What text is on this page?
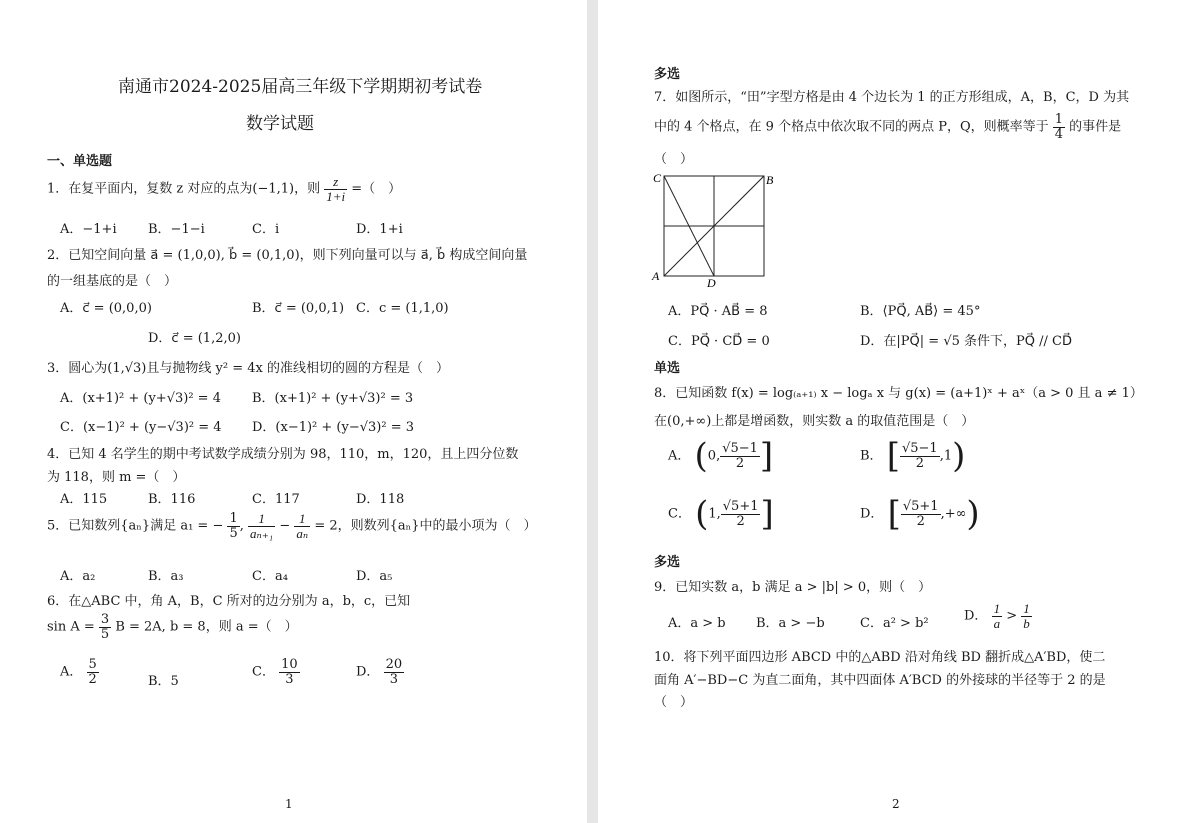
南通市2024-2025届高三年级下学期期初考试卷
数学试题
一、单选题
1．在复平面内，复数 z 对应的点为(−1,1)，则 $\frac{z}{1+i}$ =（　）
A．−1+i B．−1−i	C．i	D．1+i
2．已知空间向量 a⃗ = (1,0,0), b⃗ = (0,1,0)，则下列向量可以与 a⃗, b⃗ 构成空间向量
的一组基底的是（　）
A．c⃗ = (0,0,0)	B．c⃗ = (0,0,1) C．c = (1,1,0)
D．c⃗ = (1,2,0)
3．圆心为(1,√3)且与抛物线 y² = 4x 的准线相切的圆的方程是（　）
A．(x+1)² + (y+√3)² = 4 B．(x+1)² + (y+√3)² = 3
C．(x−1)² + (y−√3)² = 4 D．(x−1)² + (y−√3)² = 3
4．已知 4 名学生的期中考试数学成绩分别为 98，110，m，120，且上四分位数
为 118，则 m =（　）
A．115	B．116	C．117	D．118
5．已知数列{aₙ}满足 a₁ = − $\frac{1}{5}$ , $\frac{1}{\text{aₙ₊₁}} - \frac{1}{\text{aₙ}} = 2$，则数列{aₙ}中的最小项为（　）
A．a₂	B．a₃	C．a₄	D．a₅
6．在△ABC 中，角 A，B，C 所对的边分别为 a，b，c，已知
$\sin A = \frac{3}{5}$ B = 2A, b = 8，则 a =（　）
A． $\frac{5}{2}$	B．5
C． $\frac{10}{3}$	D． $\frac{20}{3}$
1
多选
7．如图所示，“田”字型方格是由 4 个边长为 1 的正方形组成，A，B，C，D 为其
中的 4 个格点，在 9 个格点中依次取不同的两点 P，Q，则概率等于 $\frac{1}{4}$ 的事件是
（　）
C	B
A	D
A．PQ⃗ · AB⃗ = 8	B．⟨PQ⃗, AB⃗⟩ = 45°
C．PQ⃗ · CD⃗ = 0	D．在|PQ⃗| = √5 条件下，PQ⃗ // CD⃗
单选
8．已知函数 f(x) = log₍ₐ₊₁₎ x − logₐ x 与 g(x) = (a+1)ˣ + aˣ（a > 0 且 a ≠ 1）
在(0,+∞)上都是增函数，则实数 a 的取值范围是（　）
A． (0, $\frac{√5-1}{2}$ ]	B． [ $\frac{√5-1}{2} ,1$)
C． (1, $\frac{√5+1}{2}$ ]	D． [ $\frac{√5+1}{2}$ ,+∞)
多选
9．已知实数 a，b 满足 a > |b| > 0，则（　）
A．a > b B．a > −b	C．a² > b²	D． $\frac{1}{a} > \frac{1}{b}$
10．将下列平面四边形 ABCD 中的△ABD 沿对角线 BD 翻折成△A′BD，使二
面角 A′−BD−C 为直二面角，其中四面体 A′BCD 的外接球的半径等于 2 的是
（　）
2
